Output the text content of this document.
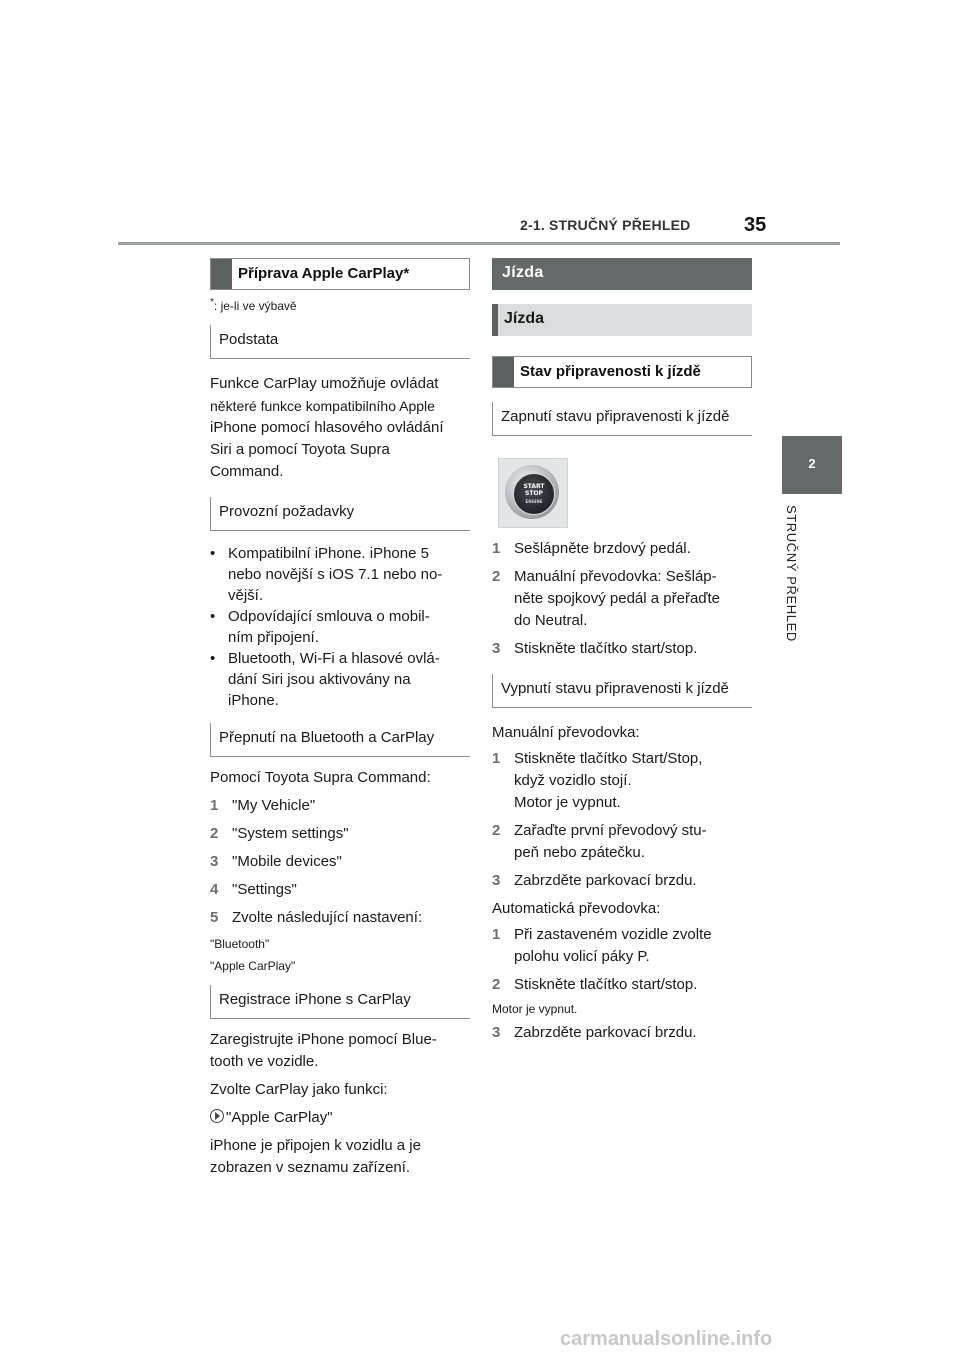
2-1. STRUČNÝ PŘEHLED	35
2
STRUČNÝ PŘEHLED
Příprava Apple CarPlay*
*: je-li ve výbavě
Podstata
Funkce CarPlay umožňuje ovládat
některé funkce kompatibilního Apple
iPhone pomocí hlasového ovládání
Siri a pomocí Toyota Supra
Command.
Provozní požadavky
• Kompatibilní iPhone. iPhone 5
nebo novější s iOS 7.1 nebo no-
vější.
• Odpovídající smlouva o mobil-
ním připojení.
• Bluetooth, Wi-Fi a hlasové ovlá-
dání Siri jsou aktivovány na
iPhone.
Přepnutí na Bluetooth a CarPlay
Pomocí Toyota Supra Command:
1 "My Vehicle"
2 "System settings"
3 "Mobile devices"
4 "Settings"
5 Zvolte následující nastavení:
"Bluetooth"
"Apple CarPlay"
Registrace iPhone s CarPlay
Zaregistrujte iPhone pomocí Blue-
tooth ve vozidle.
Zvolte CarPlay jako funkci:
"Apple CarPlay"
iPhone je připojen k vozidlu a je
zobrazen v seznamu zařízení.
Jízda
Jízda
Stav připravenosti k jízdě
Zapnutí stavu připravenosti k jízdě
START
STOP
ENGINE
1 Sešlápněte brzdový pedál.
2 Manuální převodovka: Sešláp-
něte spojkový pedál a přeřaďte
do Neutral.
3 Stiskněte tlačítko start/stop.
Vypnutí stavu připravenosti k jízdě
Manuální převodovka:
1 Stiskněte tlačítko Start/Stop,
když vozidlo stojí.
Motor je vypnut.
2 Zařaďte první převodový stu-
peň nebo zpátečku.
3 Zabrzděte parkovací brzdu.
Automatická převodovka:
1 Při zastaveném vozidle zvolte
polohu volicí páky P.
2 Stiskněte tlačítko start/stop.
Motor je vypnut.
3 Zabrzděte parkovací brzdu.
carmanualsonline.info
